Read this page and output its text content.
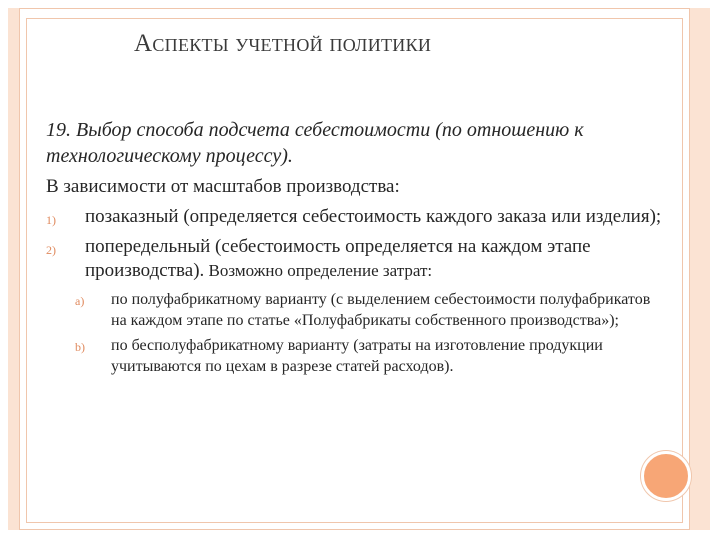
Аспекты учетной политики

19. Выбор способа подсчета себестоимости (по отношению к технологическому процессу).

В зависимости от масштабов производства:

1) позаказный (определяется себестоимость каждого заказа или изделия);
2) попередельный (себестоимость определяется на каждом этапе производства). Возможно определение затрат:
a) по полуфабрикатному варианту (с выделением себестоимости полуфабрикатов на каждом этапе по статье «Полуфабрикаты собственного производства»);
b) по бесполуфабрикатному варианту (затраты на изготовление продукции учитываются по цехам в разрезе статей расходов).
